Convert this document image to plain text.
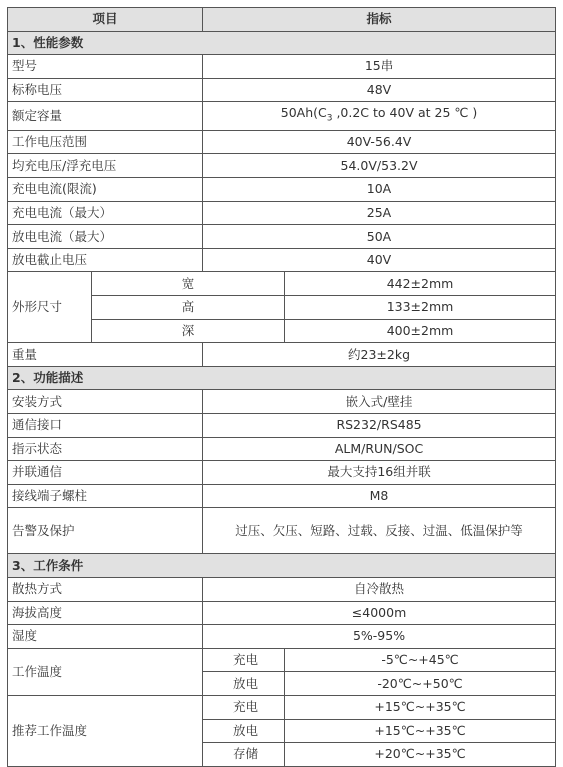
项目		指标	
1、性能参数			
型号		15串	
标称电压		48V	
额定容量		$50Ah(C_3$ ,0.2C to 40V at 25 ℃ )	
工作电压范围		40V-56.4V	
均充电压/浮充电压		54.0V/53.2V	
充电电流(限流)		10A	
充电电流（最大）		25A	
放电电流（最大）		50A	
放电截止电压		40V	
外形尺寸	宽		442±2mm
	高		133±2mm
	深		400±2mm
重量		约23±2kg	
2、功能描述			
安装方式		嵌入式/壁挂	
通信接口		RS232/RS485	
指示状态		ALM/RUN/SOC	
并联通信		最大支持16组并联	
接线端子螺柱		M8	
告警及保护		过压、欠压、短路、过载、反接、过温、低温保护等	
3、工作条件			
散热方式		自冷散热	
海拔高度		≤4000m	
湿度		5%-95%	
工作温度		充电	-5℃~+45℃
		放电	-20℃~+50℃
推荐工作温度		充电	+15℃~+35℃
		放电	+15℃~+35℃
		存储	+20℃~+35℃
